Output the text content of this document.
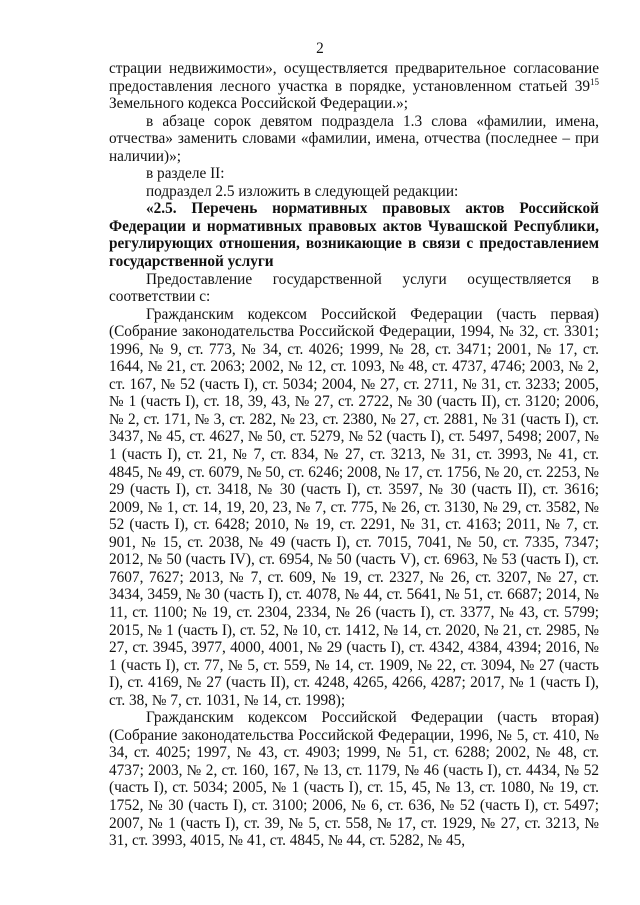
2

страции недвижимости», осуществляется предварительное согласование предоставления лесного участка в порядке, установленном статьей $39^{15}$ Земельного кодекса Российской Федерации.»;

в абзаце сорок девятом подраздела 1.3 слова «фамилии, имена, отчества» заменить словами «фамилии, имена, отчества (последнее – при наличии)»;

в разделе II:

подраздел 2.5 изложить в следующей редакции:

«2.5. Перечень нормативных правовых актов Российской Федерации и нормативных правовых актов Чувашской Республики, регулирующих отношения, возникающие в связи с предоставлением государственной услуги

Предоставление государственной услуги осуществляется в соответствии с:

Гражданским кодексом Российской Федерации (часть первая) (Собрание законодательства Российской Федерации, 1994, № 32, ст. 3301; 1996, № 9, ст. 773, № 34, ст. 4026; 1999, № 28, ст. 3471; 2001, № 17, ст. 1644, № 21, ст. 2063; 2002, № 12, ст. 1093, № 48, ст. 4737, 4746; 2003, № 2, ст. 167, № 52 (часть I), ст. 5034; 2004, № 27, ст. 2711, № 31, ст. 3233; 2005, № 1 (часть I), ст. 18, 39, 43, № 27, ст. 2722, № 30 (часть II), ст. 3120; 2006, № 2, ст. 171, № 3, ст. 282, № 23, ст. 2380, № 27, ст. 2881, № 31 (часть I), ст. 3437, № 45, ст. 4627, № 50, ст. 5279, № 52 (часть I), ст. 5497, 5498; 2007, № 1 (часть I), ст. 21, № 7, ст. 834, № 27, ст. 3213, № 31, ст. 3993, № 41, ст. 4845, № 49, ст. 6079, № 50, ст. 6246; 2008, № 17, ст. 1756, № 20, ст. 2253, № 29 (часть I), ст. 3418, № 30 (часть I), ст. 3597, № 30 (часть II), ст. 3616; 2009, № 1, ст. 14, 19, 20, 23, № 7, ст. 775, № 26, ст. 3130, № 29, ст. 3582, № 52 (часть I), ст. 6428; 2010, № 19, ст. 2291, № 31, ст. 4163; 2011, № 7, ст. 901, № 15, ст. 2038, № 49 (часть I), ст. 7015, 7041, № 50, ст. 7335, 7347; 2012, № 50 (часть IV), ст. 6954, № 50 (часть V), ст. 6963, № 53 (часть I), ст. 7607, 7627; 2013, № 7, ст. 609, № 19, ст. 2327, № 26, ст. 3207, № 27, ст. 3434, 3459, № 30 (часть I), ст. 4078, № 44, ст. 5641, № 51, ст. 6687; 2014, № 11, ст. 1100; № 19, ст. 2304, 2334, № 26 (часть I), ст. 3377, № 43, ст. 5799; 2015, № 1 (часть I), ст. 52, № 10, ст. 1412, № 14, ст. 2020, № 21, ст. 2985, № 27, ст. 3945, 3977, 4000, 4001, № 29 (часть I), ст. 4342, 4384, 4394; 2016, № 1 (часть I), ст. 77, № 5, ст. 559, № 14, ст. 1909, № 22, ст. 3094, № 27 (часть I), ст. 4169, № 27 (часть II), ст. 4248, 4265, 4266, 4287; 2017, № 1 (часть I), ст. 38, № 7, ст. 1031, № 14, ст. 1998);

Гражданским кодексом Российской Федерации (часть вторая) (Собрание законодательства Российской Федерации, 1996, № 5, ст. 410, № 34, ст. 4025; 1997, № 43, ст. 4903; 1999, № 51, ст. 6288; 2002, № 48, ст. 4737; 2003, № 2, ст. 160, 167, № 13, ст. 1179, № 46 (часть I), ст. 4434, № 52 (часть I), ст. 5034; 2005, № 1 (часть I), ст. 15, 45, № 13, ст. 1080, № 19, ст. 1752, № 30 (часть I), ст. 3100; 2006, № 6, ст. 636, № 52 (часть I), ст. 5497; 2007, № 1 (часть I), ст. 39, № 5, ст. 558, № 17, ст. 1929, № 27, ст. 3213, № 31, ст. 3993, 4015, № 41, ст. 4845, № 44, ст. 5282, № 45,
